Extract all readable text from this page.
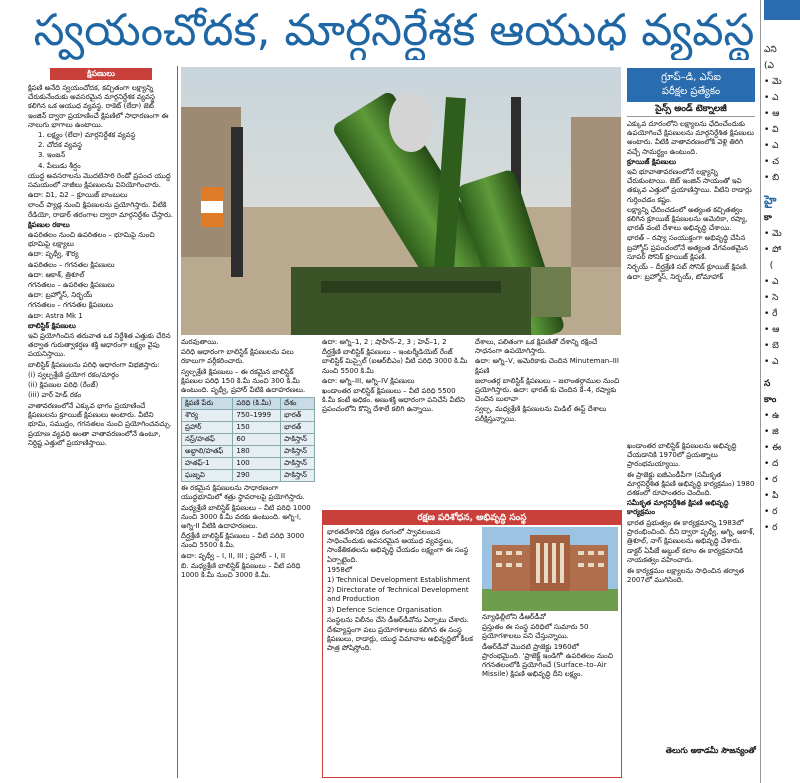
స్వయంచోదక, మార్గనిర్దేశక ఆయుధ వ్యవస్థ
క్షిపణులు

క్షిపణి అనేది స్వయంచోదక, కచ్చితంగా లక్ష్యాన్ని చేరుకునేందుకు అవసరమైన మార్గనిర్దేశక వ్యవస్థ కలిగిన ఒక ఆయుధ వ్యవస్థ. రాకెట్ (లేదా) జెట్ ఇంజిన్ ద్వారా ప్రయాణించే క్షిపణిలో సాధారణంగా ఈ నాలుగు భాగాలు ఉంటాయి.

1. లక్ష్యం (లేదా) మార్గనిర్దేశక వ్యవస్థ

2. చోదక వ్యవస్థ

3. ఇంజన్

4. పేలుడు శీర్షం

యుద్ధ అవసరాలను మొదటిసారి రెండో ప్రపంచ యుద్ధ సమయంలో నాజీలు క్షిపణులను వినియోగించారు.

ఉదా: వి1, వి2 – క్రూయిజ్ బాంబులు

లాంచ్ ప్యాడ్ల నుంచి క్షిపణులను ప్రయోగిస్తారు. వీటికి రేడియో, రాడార్ తరంగాల ద్వారా మార్గనిర్దేశం చేస్తారు.

క్షిపణుల రకాలు

ఉపరితలం నుంచి ఉపరితలం – భూమిపై నుంచి భూమిపై లక్ష్యాలు

ఉదా: పృథ్వీ, శౌర్య

ఉపరితలం – గగనతల క్షిపణులు

ఉదా: ఆకాశ్, త్రిశూల్

గగనతలం – ఉపరితల క్షిపణులు

ఉదా: బ్రహ్మోస్, నిర్భయ్

గగనతలం – గగనతల క్షిపణులు

ఉదా: Astra Mk 1

బాలిస్టిక్ క్షిపణులు

ఇవి ప్రయోగించిన తరువాత ఒక నిర్దేశిత ఎత్తుకు చేరిన తర్వాత గురుత్వాకర్షణ శక్తి ఆధారంగా లక్ష్యం వైపు పయనిస్తాయి.

బాలిస్టిక్ క్షిపణులను పరిధి ఆధారంగా విభజిస్తారు:

(i) స్వల్పశ్రేణి ప్రయోగ రకం/మార్గం

(ii) క్షిపణుల పరిధి (రేంజ్)

(iii) వార్ హెడ్ రకం

వాతావరణంలోనే ఎక్కువ భాగం ప్రయాణించే క్షిపణులను క్రూయిజ్ క్షిపణులు అంటారు. వీటిని భూమి, సముద్రం, గగనతలం నుంచి ప్రయోగించవచ్చు.

ప్రయాణ వ్యవధి అంతా వాతావరణంలోనే ఉంటూ, నిర్దిష్ట ఎత్తులో ప్రయాణిస్తాయి.

గ్రూప్–డి, ఎస్ఐ
పరీక్షల ప్రత్యేకం
సైన్స్ అండ్ టెక్నాలజీ

ఎక్కువ దూరంలోని లక్ష్యాలను ఛేదించేందుకు ఉపయోగించే క్షిపణులను మార్గనిర్దేశిత క్షిపణులు అంటారు. వీటికి వాతావరణంలోకి వెళ్లి తిరిగి వచ్చే సామర్థ్యం ఉంటుంది.

క్రూయిజ్ క్షిపణులు

ఇవి భూవాతావరణంలోనే లక్ష్యాన్ని చేరుకుంటాయి. జెట్ ఇంజిన్ సాయంతో ఇవి తక్కువ ఎత్తులో ప్రయాణిస్తాయి. వీటిని రాడార్లు గుర్తించడం కష్టం.

లక్ష్యాన్ని ఛేదించడంలో అత్యంత కచ్చితత్వం కలిగిన క్రూయిజ్ క్షిపణులను అమెరికా, రష్యా, భారత్ వంటి దేశాలు అభివృద్ధి చేశాయి.

భారత్ – రష్యా సంయుక్తంగా అభివృద్ధి చేసిన బ్రహ్మోస్ ప్రపంచంలోనే అత్యంత వేగవంతమైన సూపర్ సోనిక్ క్రూయిజ్ క్షిపణి.

నిర్భయ్ – దీర్ఘశ్రేణి సబ్ సోనిక్ క్రూయిజ్ క్షిపణి.

ఉదా: బ్రహ్మోస్, నిర్భయ్, టోమాహాక్

మరవుతాయి.

పరిధి ఆధారంగా బాలిస్టిక్ క్షిపణులను పలు రకాలుగా వర్గీకరించారు.

స్వల్పశ్రేణి క్షిపణులు – ఈ రకమైన బాలిస్టిక్ క్షిపణుల పరిధి 150 కి.మీ నుంచి 300 కి.మీ ఉంటుంది. పృథ్వీ, ప్రహార్ వీటికి ఉదాహరణలు.

క్షిపణి పేరు	పరిధి (కి.మీ)	దేశం
శౌర్య	750–1999	భారత్
ప్రహార్	150	భారత్
నస్ర్/హతఫ్	60	పాకిస్తాన్
అబ్దాలి/హతఫ్	180	పాకిస్తాన్
హతఫ్-1	100	పాకిస్తాన్
ఘజ్నవి	290	పాకిస్తాన్

ఈ రకమైన క్షిపణులను సాధారణంగా యుద్ధభూమిలో శత్రు స్థావరాలపై ప్రయోగిస్తారు.

మధ్యశ్రేణి బాలిస్టిక్ క్షిపణులు – వీటి పరిధి 1000 నుంచి 3000 కి.మీ వరకు ఉంటుంది. అగ్ని-I, అగ్ని-II వీటికి ఉదాహరణలు.

దీర్ఘశ్రేణి బాలిస్టిక్ క్షిపణులు – వీటి పరిధి 3000 నుంచి 5500 కి.మీ.

ఉదా: పృథ్వీ – I, II, III ; ప్రహార్ – I, II

బి. మధ్యశ్రేణి బాలిస్టిక్ క్షిపణులు – వీటి పరిధి 1000 కి.మీ నుంచి 3000 కి.మీ.

ఉదా: అగ్ని–1, 2 ; షాహీన్–2, 3 ; హెవ్–1, 2

దీర్ఘశ్రేణి బాలిస్టిక్ క్షిపణులు – ఇంటర్మీడియెట్ రేంజ్ బాలిస్టిక్ మిస్సైల్ (ఐఆర్‌బీఎం) వీటి పరిధి 3000 కి.మీ నుంచి 5500 కి.మీ

ఉదా: అగ్ని–III, అగ్ని–IV క్షిపణులు

ఖండాంతర బాలిస్టిక్ క్షిపణులు – వీటి పరిధి 5500 కి.మీ కంటే అధికం. అణుశక్తి ఆధారంగా పనిచేసే వీటిని ప్రపంచంలోని కొన్ని దేశాలే కలిగి ఉన్నాయి.

దేశాలు, పలితంగా ఒక క్షిపణితో దేశాన్ని రక్షించే సాధనంగా ఉపయోగిస్తారు.

ఉదా: అగ్ని–V, అమెరికాకు చెందిన Minuteman–III క్షిపణి

జలాంతర్గ బాలిస్టిక్ క్షిపణులు – జలాంతర్గాముల నుంచి ప్రయోగిస్తారు. ఉదా: భారత్ కు చెందిన కే–4, రష్యాకు చెందిన బులావా

స్వల్ప, మధ్యశ్రేణి క్షిపణులను మిడిల్ ఈస్ట్ దేశాలు పరీక్షిస్తున్నాయి.

రక్షణ పరిశోధన, అభివృద్ధి సంస్థ

భారతదేశానికి రక్షణ రంగంలో స్వావలంబన సాధించేందుకు అవసరమైన ఆయుధ వ్యవస్థలు, సాంకేతికతలను అభివృద్ధి చేయడం లక్ష్యంగా ఈ సంస్థ ఏర్పాటైంది.

1958లో

1) Technical Development Establishment

2) Directorate of Technical Development and Production

3) Defence Science Organisation

సంస్థలను విలీనం చేసి డీఆర్‌డీవోను ఏర్పాటు చేశారు.

దేశవ్యాప్తంగా పలు ప్రయోగశాలలు కలిగిన ఈ సంస్థ క్షిపణులు, రాడార్లు, యుద్ధ విమానాల అభివృద్ధిలో కీలక పాత్ర పోషిస్తోంది.

న్యూఢిల్లీలోని డీఆర్‌డీవో

ప్రస్తుతం ఈ సంస్థ పరిధిలో సుమారు 50 ప్రయోగశాలలు పని చేస్తున్నాయి.

డీఆర్‌డీవో మొదటి ప్రాజెక్టు 1960లో ప్రారంభమైంది. 'ప్రాజెక్ట్ ఇండిగో' ఉపరితలం నుంచి గగనతలంలోకి ప్రయోగించే (Surface–to–Air Missile) క్షిపణి అభివృద్ధి దీని లక్ష్యం.

ఖండాంతర బాలిస్టిక్ క్షిపణులను అభివృద్ధి చేయడానికి 1970లో ప్రయత్నాలు ప్రారంభమయ్యాయి.

ఈ ప్రాజెక్టు ఐజీఎండీపీగా (సమీకృత మార్గనిర్దేశిత క్షిపణి అభివృద్ధి కార్యక్రమం) 1980 దశకంలో రూపాంతరం చెందింది.

సమీకృత మార్గనిర్దేశిత క్షిపణి అభివృద్ధి కార్యక్రమం

భారత ప్రభుత్వం ఈ కార్యక్రమాన్ని 1983లో ప్రారంభించింది. దీని ద్వారా పృథ్వీ, అగ్ని, ఆకాశ్, త్రిశూల్, నాగ్ క్షిపణులను అభివృద్ధి చేశారు.

డాక్టర్ ఏపీజే అబ్దుల్ కలాం ఈ కార్యక్రమానికి నాయకత్వం వహించారు.

ఈ కార్యక్రమం లక్ష్యాలను సాధించిన తర్వాత 2007లో ముగిసింది.

తెలుగు అకాడమీ సౌజన్యంతో
ఎని
(ఎ
• మె
• ఎ
• ఆ
• వి
• ఎ
• చ
• బి
హై
కా
• మె
• పో
(
• ఎ
• సె
• రే
• ఆ
• బె
• ఎ
స
కాం
• ఉ
• జి
• ఈ
• ద
• ర
• పి
• ర
• ర
